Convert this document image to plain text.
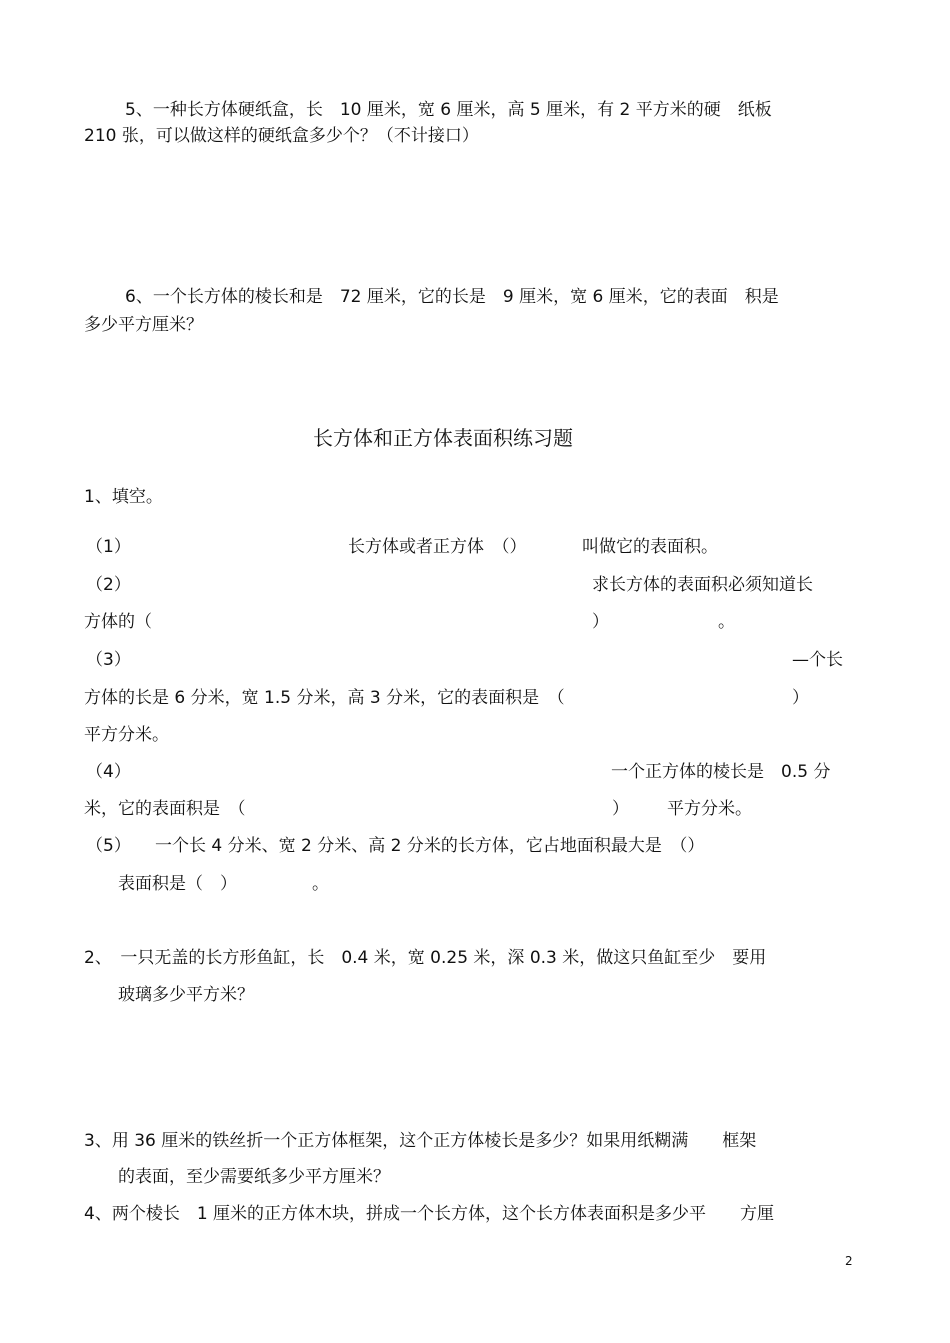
5、一种长方体硬纸盒，长　10 厘米，宽 6 厘米，高 5 厘米，有 2 平方米的硬　纸板
210 张，可以做这样的硬纸盒多少个？（不计接口）
6、一个长方体的棱长和是　72 厘米，它的长是　9 厘米，宽 6 厘米，它的表面　积是
多少平方厘米？
长方体和正方体表面积练习题
1、填空。
（1）	长方体或者正方体　（）	叫做它的表面积。
（2）	求长方体的表面积必须知道长
方体的（	）	。
（3）	—个长
方体的长是 6 分米，宽 1.5 分米，高 3 分米，它的表面积是　（	）
平方分米。
（4）	一个正方体的棱长是　0.5 分
米，它的表面积是　（	） 平方分米。
（5） 一个长 4 分米、宽 2 分米、高 2 分米的长方体，它占地面积最大是　（）
表面积是（　）	。
2、　一只无盖的长方形鱼缸，长　0.4 米，宽 0.25 米，深 0.3 米，做这只鱼缸至少　要用
玻璃多少平方米？
3、用 36 厘米的铁丝折一个正方体框架，这个正方体棱长是多少？如果用纸糊满　　框架
的表面，至少需要纸多少平方厘米？
4、两个棱长　1 厘米的正方体木块，拼成一个长方体，这个长方体表面积是多少平　　方厘
2
